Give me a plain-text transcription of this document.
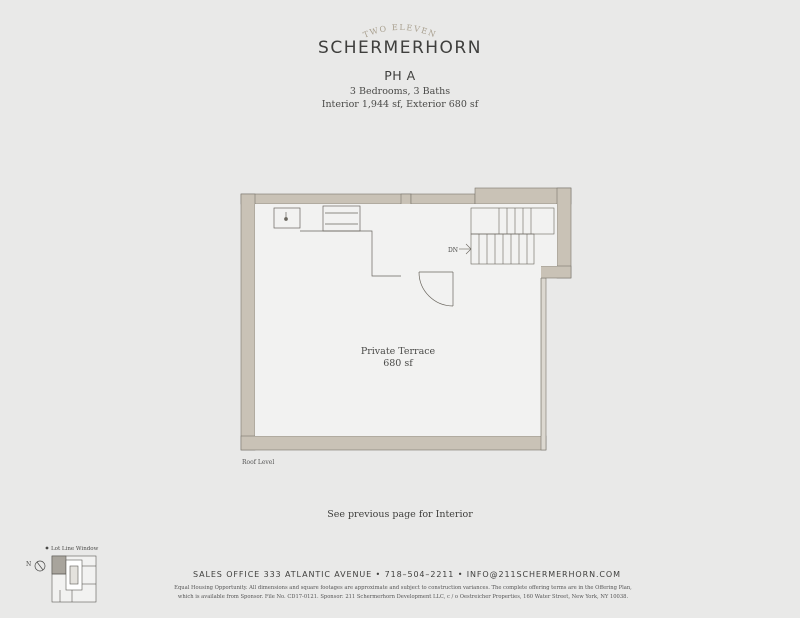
TWO ELEVEN
SCHERMERHORN
PH A
3 Bedrooms, 3 Baths
Interior 1,944 sf, Exterior 680 sf
DN
Private Terrace
680 sf
Roof Level
See previous page for Interior
Lot Line Window
N
SALES OFFICE 333 ATLANTIC AVENUE • 718–504–2211 • INFO@211SCHERMERHORN.COM
Equal Housing Opportunity. All dimensions and square footages are approximate and subject to construction variances. The complete offering terms are in the Offering Plan,
which is available from Sponsor. File No. CD17-0121. Sponsor: 211 Schermerhorn Development LLC, c / o Oestreicher Properties, 160 Water Street, New York, NY 10038.
